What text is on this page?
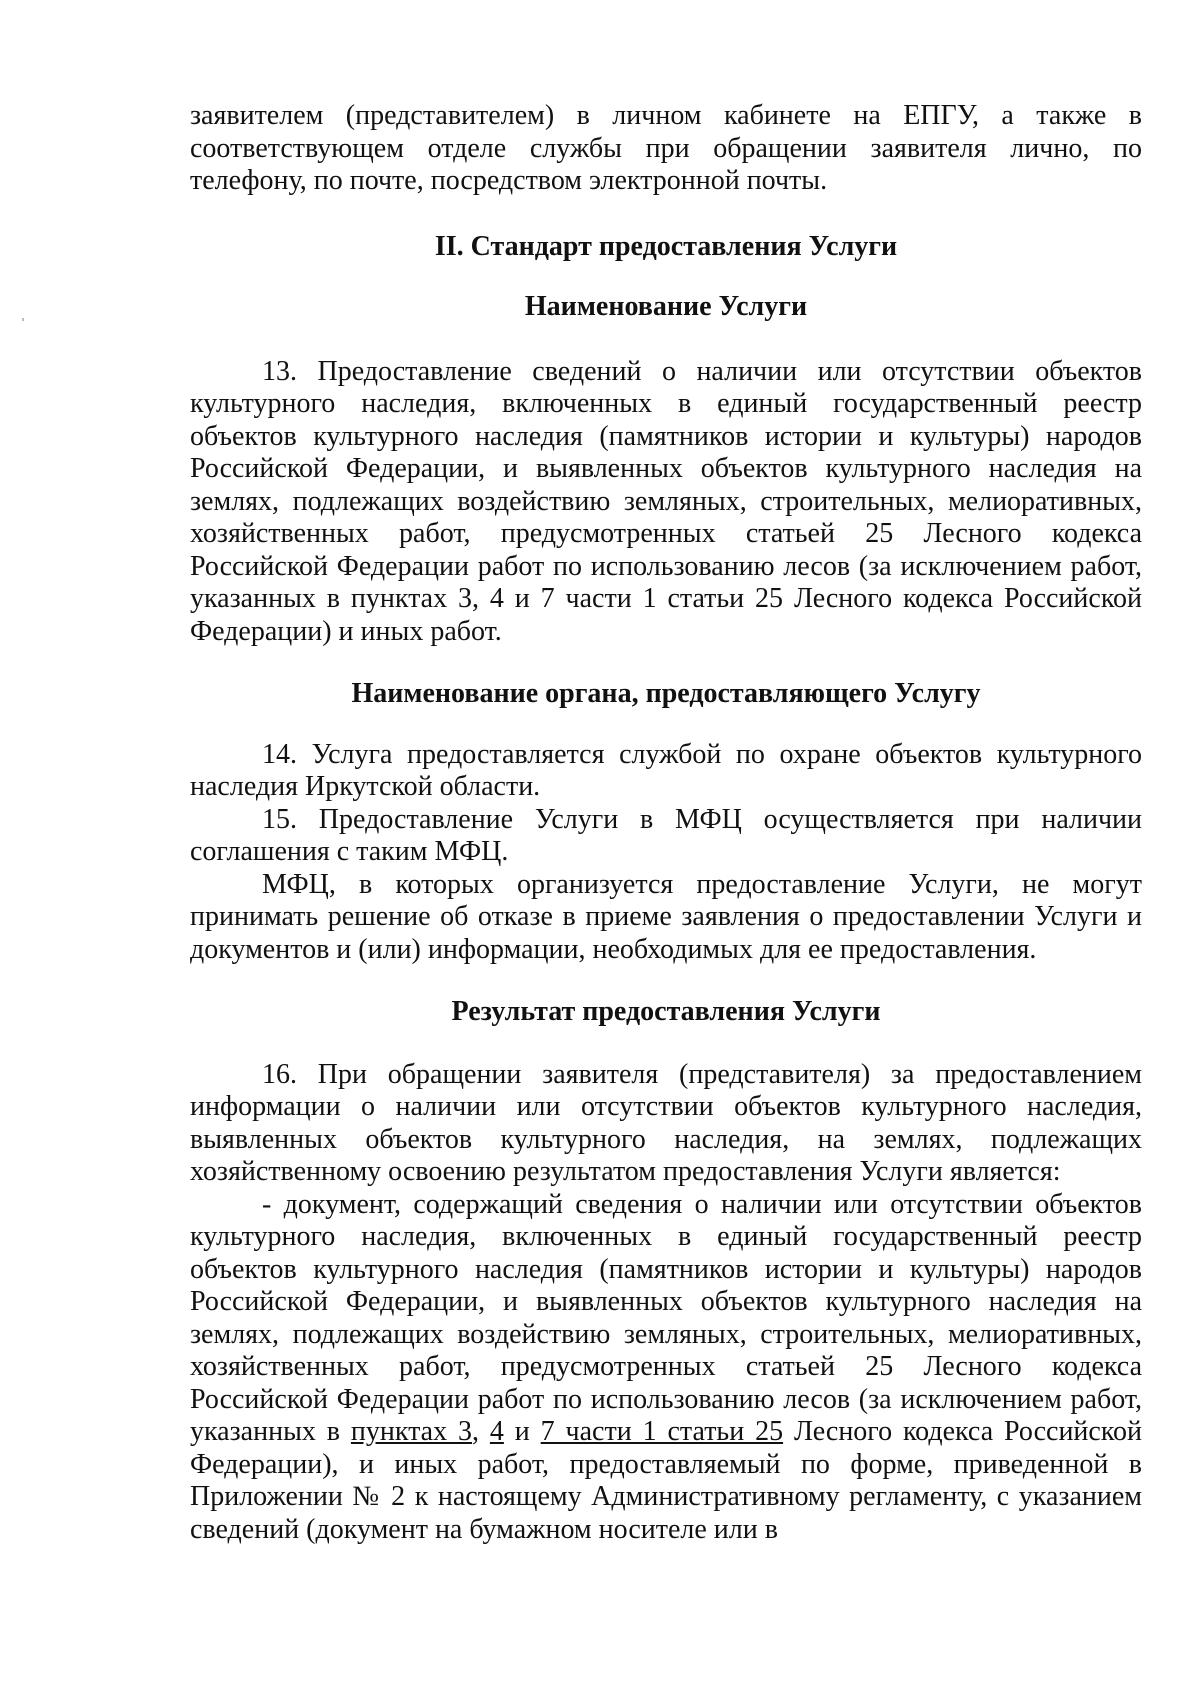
заявителем (представителем) в личном кабинете на ЕПГУ, а также в соответствующем отделе службы при обращении заявителя лично, по телефону, по почте, посредством электронной почты.

II. Стандарт предоставления Услуги

Наименование Услуги

13. Предоставление сведений о наличии или отсутствии объектов культурного наследия, включенных в единый государственный реестр объектов культурного наследия (памятников истории и культуры) народов Российской Федерации, и выявленных объектов культурного наследия на землях, подлежащих воздействию земляных, строительных, мелиоративных, хозяйственных работ, предусмотренных статьей 25 Лесного кодекса Российской Федерации работ по использованию лесов (за исключением работ, указанных в пунктах 3, 4 и 7 части 1 статьи 25 Лесного кодекса Российской Федерации) и иных работ.

Наименование органа, предоставляющего Услугу

14. Услуга предоставляется службой по охране объектов культурного наследия Иркутской области.

15. Предоставление Услуги в МФЦ осуществляется при наличии соглашения с таким МФЦ.

МФЦ, в которых организуется предоставление Услуги, не могут принимать решение об отказе в приеме заявления о предоставлении Услуги и документов и (или) информации, необходимых для ее предоставления.

Результат предоставления Услуги

16. При обращении заявителя (представителя) за предоставлением информации о наличии или отсутствии объектов культурного наследия, выявленных объектов культурного наследия, на землях, подлежащих хозяйственному освоению результатом предоставления Услуги является:

- документ, содержащий сведения о наличии или отсутствии объектов культурного наследия, включенных в единый государственный реестр объектов культурного наследия (памятников истории и культуры) народов Российской Федерации, и выявленных объектов культурного наследия на землях, подлежащих воздействию земляных, строительных, мелиоративных, хозяйственных работ, предусмотренных статьей 25 Лесного кодекса Российской Федерации работ по использованию лесов (за исключением работ, указанных в пунктах 3, 4 и 7 части 1 статьи 25 Лесного кодекса Российской Федерации), и иных работ, предоставляемый по форме, приведенной в Приложении № 2 к настоящему Административному регламенту, с указанием сведений (документ на бумажном носителе или в
